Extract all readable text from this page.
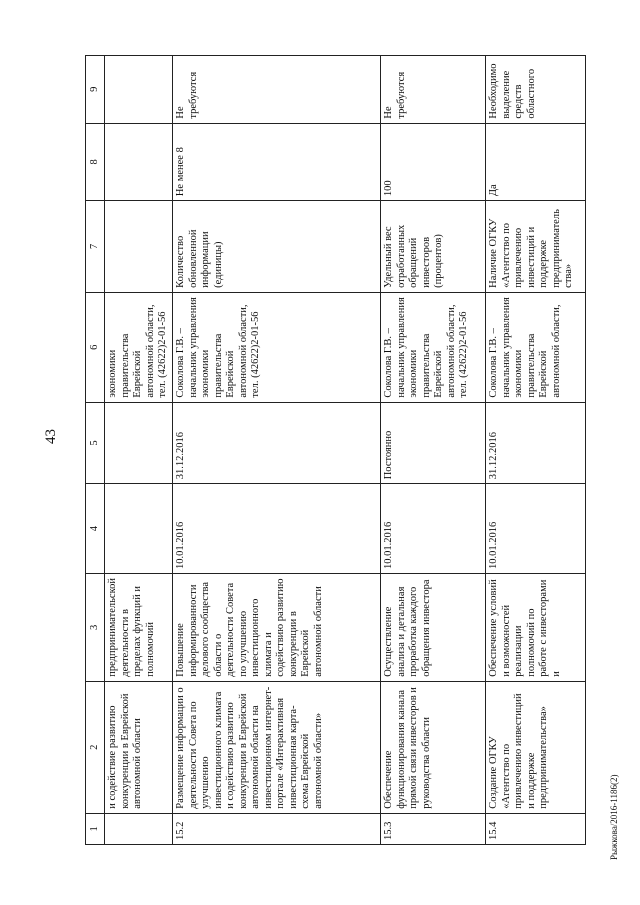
43
1	2	3	4	5	6	7	8	9
	и содействие развитию конкуренции в Еврейской автономной области	предпринимательской деятельности в пределах функций и полномочий			экономики правительства Еврейской автономной области, тел. (42622)2-01-56			
15.2	Размещение информации о деятельности Совета по улучшению инвестиционного климата и содействию развитию конкуренции в Еврейской автономной области на инвестиционном интернет-портале «Интерактивная инвестиционная карта-схема Еврейской автономной области»	Повышение информированности делового сообщества области о деятельности Совета по улучшению инвестиционного климата и содействию развитию конкуренции в Еврейской автономной области	10.01.2016	31.12.2016	Соколова Г.В. – начальник управления экономики правительства Еврейской автономной области, тел. (42622)2-01-56	Количество обновленной информации (единицы)	Не менее 8	Не требуются
15.3	Обеспечение функционирования канала прямой связи инвесторов и руководства области	Осуществление анализа и детальная проработка каждого обращения инвестора	10.01.2016	Постоянно	Соколова Г.В. – начальник управления экономики правительства Еврейской автономной области, тел. (42622)2-01-56	Удельный вес отработанных обращений инвесторов (процентов)	100	Не требуются
15.4	Создание ОГКУ «Агентство по привлечению инвестиций и поддержке предпринимательства»	Обеспечение условий и возможностей реализации полномочий по работе с инвесторами и	10.01.2016	31.12.2016	Соколова Г.В. – начальник управления экономики правительства Еврейской автономной области,	Наличие ОГКУ «Агентство по привлечению инвестиций и поддержке предпринимательства»	Да	Необходимо выделение средств областного
Рыжкова/2016-1186(2)
